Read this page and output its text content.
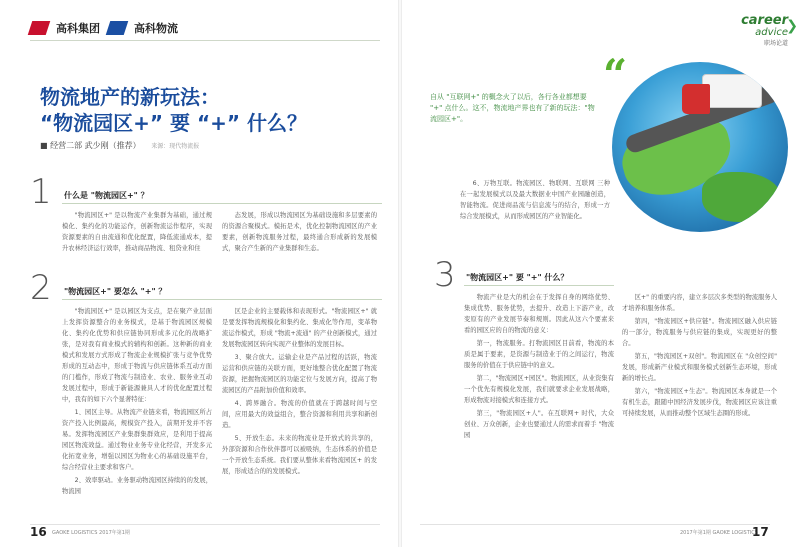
高科集团	高科物流
物流地产的新玩法：
“物流园区+” 要 “+” 什么？
■ 经营二部 武少刚（推荐） 来源：现代物流报
1 什么是 "物流园区+" ？

"物流园区+" 是以物流产业集群为基础，通过规模化、集约化的功能运作，创新物流运作程序，实现资源要素的自由流通和优化配置，降低流通成本，提升农林经济运行效率，推动商品物流、租贷业和住

态发展，形成以物流园区为基础设施和多层要素的的资源合聚模式。模拓是术，优化控制物流园区的产业要素，创新物流服务过程，最终通合形成新的发展模式，聚合产生新的产业集群和生态。

2 "物流园区+" 要怎么 "+" ？

"物流园区+" 是以园区为支点，是在聚产业层面上发挥资源整合的业务模式，是基于物流园区规模化、集约化优势和供应链协同形成多元化的战略扩张，是对我有商业模式的辅构和创新。这种新的商业模式和发展方式形成了物流企业规模扩张与竞争优势形成的互动态中，形成于物流与供应链体系互动方面的门槛作，形成了物流与制造业、农业、服务业互动发展过程中，形成于新能源兼具人才的优化配置过程中，我有的如下六个显著特征：

1、园区主导。从物流产业链来看，物流园区所占资产投入比例最高，规模资产投入，前期开发并不容易。发挥物流园区产业集群集群效应，是利用于提高园区物流效益。通过物业业务专业化经营，开发多元化拓宽业务，增强以园区为物业心的基础设施平台，综合经营业主要求和客户。

2、效率驱动。业务驱动物流园区持续的的发展，物流园

区是企业的主要载体和表现形式。"物流园区+" 就是要发挥物流规模化和集约化、集成化等作用，变革物流运作模式，形成 "物流+流通" 的产业创新模式，通过发展物流园区转向实现产业整体的发展目标。

3、聚合放大。运输企业是产品过程的活跃，物流运营和供应链的关联方面，更好地整合优化配置了物流资源，把握物流园区的功能定位与发展方向，提高了物流园区的产品附加价值和效率。

4、跨界融合。物流的价值就在于跨越时间与空间，应用最大的效益组合，整合资源和利用共享和新创造。

5、开放生态。未来的物流业是开放式的共享的，外部资源和合作伙伴都可以被吸纳，生态体系的价值是一个开放生态系统。我们要从整体来看物流园区+ 的发展，形成适合的的发展模式。

16 GAOKE LOGISTICS 2017年第1期
career
advice
职场论道
❯
“
自从 "互联网+" 的概念火了以后，各行各业都想要 "+" 点什么。这不，物流地产界也有了新的玩法："物流园区+"。

6、万物互联。物流园区、物联网、互联网 三种在一起发展模式以及最大数据业中国产业园融创造，智能物流。促进商品流与信息流与的结合，形成一方综合发展模式，从而形成园区的产业智能化。

3 "物流园区+" 要 "+" 什么？

物流产业是大的机会在于发挥自身的网络优势、集成优势、服务优势，去提升、改造上下游产业，改变原有的产业发展节奏和规则。因此从这六个要素来看的园区应的自的物流的意义：

第一，物流服务。打物流园区目前看，物流的本质是属于要素，是资源与制造业于的之间运行，物流服务的价值在于供应链中的意义。

第二，"物流园区+园区"。物流园区，从业资集有一个优先有规模化发展，我们就要求企业发展战略，形成物流对接模式和连接方式。

第三，"物流园区+人"。在互联网+ 时代，大众创业、万众创新，企业也要通过人的需求而着手 "物流园

区+" 的重要内容，建立多层次多类型的物流服务人才培养和服务体系。

第四，"物流园区+供应链"。物流园区融入供应链的一部分，物流服务与供应链的集成，实现更好的整合。

第五，"物流园区+双创"。物流园区在 "众创空间" 发展，形成新产业模式和服务模式创新生态环境，形成新的增长点。

第六，"物流园区+生态"。物流园区本身就是一个有机生态，跟随中国经济发展步伐，物流园区应该注重可持续发展，从而推动整个区域生态圈的形成。

2017年第1期 GAOKE LOGISTICS
17
